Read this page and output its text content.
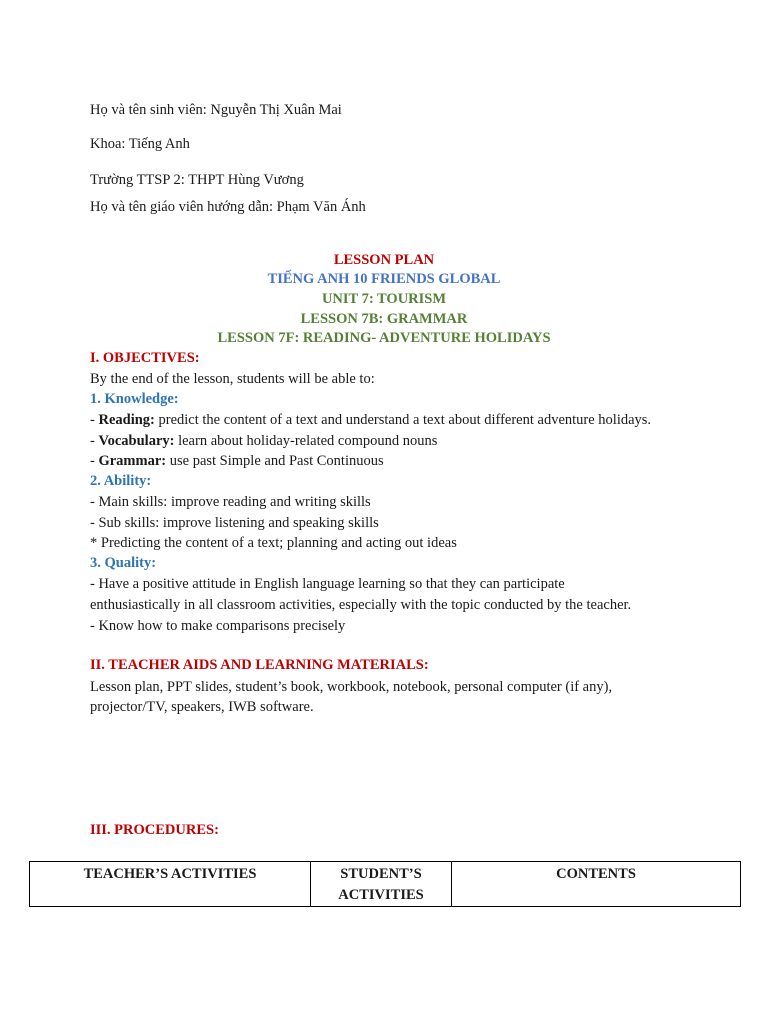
Họ và tên sinh viên: Nguyễn Thị Xuân Mai
Khoa: Tiếng Anh
Trường TTSP 2: THPT Hùng Vương
Họ và tên giáo viên hướng dẫn: Phạm Văn Ánh
LESSON PLAN
TIẾNG ANH 10 FRIENDS GLOBAL
UNIT 7: TOURISM
LESSON 7B: GRAMMAR
LESSON 7F: READING- ADVENTURE HOLIDAYS
I. OBJECTIVES:
By the end of the lesson, students will be able to:
1. Knowledge:
- Reading: predict the content of a text and understand a text about different adventure holidays.
- Vocabulary: learn about holiday-related compound nouns
- Grammar: use past Simple and Past Continuous
2. Ability:
- Main skills: improve reading and writing skills
- Sub skills: improve listening and speaking skills
* Predicting the content of a text; planning and acting out ideas
3. Quality:
- Have a positive attitude in English language learning so that they can participate
enthusiastically in all classroom activities, especially with the topic conducted by the teacher.
- Know how to make comparisons precisely
II. TEACHER AIDS AND LEARNING MATERIALS:
Lesson plan, PPT slides, student’s book, workbook, notebook, personal computer (if any),
projector/TV, speakers, IWB software.
III. PROCEDURES:
TEACHER’S ACTIVITIES	STUDENT’S ACTIVITIES	CONTENTS
